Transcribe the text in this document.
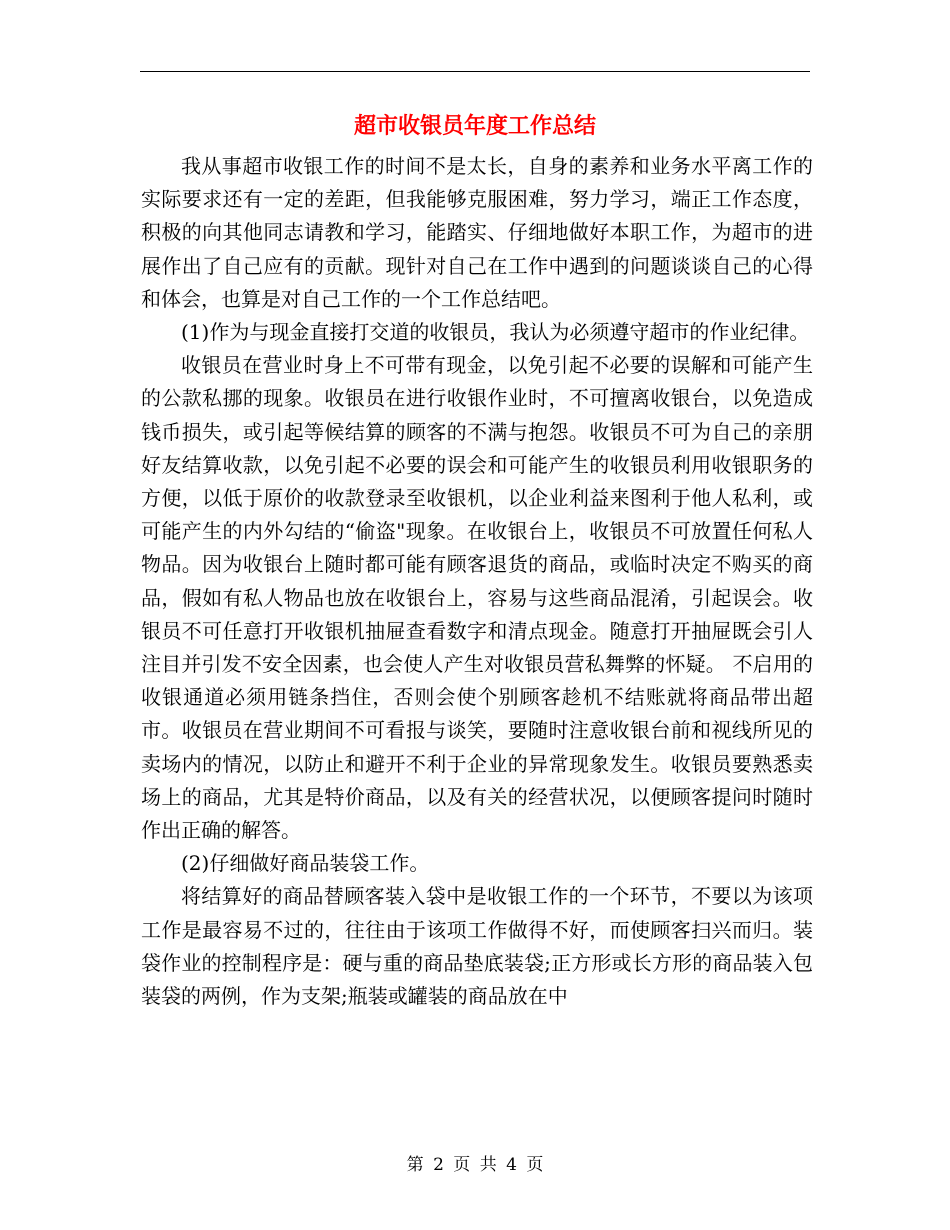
超市收银员年度工作总结

我从事超市收银工作的时间不是太长，自身的素养和业务水平离工作的实际要求还有一定的差距，但我能够克服困难，努力学习，端正工作态度，积极的向其他同志请教和学习，能踏实、仔细地做好本职工作，为超市的进展作出了自己应有的贡献。现针对自己在工作中遇到的问题谈谈自己的心得和体会，也算是对自己工作的一个工作总结吧。

(1)作为与现金直接打交道的收银员，我认为必须遵守超市的作业纪律。

收银员在营业时身上不可带有现金，以免引起不必要的误解和可能产生的公款私挪的现象。收银员在进行收银作业时，不可擅离收银台，以免造成钱币损失，或引起等候结算的顾客的不满与抱怨。收银员不可为自己的亲朋好友结算收款，以免引起不必要的误会和可能产生的收银员利用收银职务的方便，以低于原价的收款登录至收银机，以企业利益来图利于他人私利，或可能产生的内外勾结的“偷盗"现象。在收银台上，收银员不可放置任何私人物品。因为收银台上随时都可能有顾客退货的商品，或临时决定不购买的商品，假如有私人物品也放在收银台上，容易与这些商品混淆，引起误会。收银员不可任意打开收银机抽屉查看数字和清点现金。随意打开抽屉既会引人注目并引发不安全因素，也会使人产生对收银员营私舞弊的怀疑。 不启用的收银通道必须用链条挡住，否则会使个别顾客趁机不结账就将商品带出超市。收银员在营业期间不可看报与谈笑，要随时注意收银台前和视线所见的卖场内的情况，以防止和避开不利于企业的异常现象发生。收银员要熟悉卖场上的商品，尤其是特价商品，以及有关的经营状况，以便顾客提问时随时作出正确的解答。

(2)仔细做好商品装袋工作。

将结算好的商品替顾客装入袋中是收银工作的一个环节，不要以为该项工作是最容易不过的，往往由于该项工作做得不好，而使顾客扫兴而归。装袋作业的控制程序是：硬与重的商品垫底装袋;正方形或长方形的商品装入包装袋的两例，作为支架;瓶装或罐装的商品放在中

第 2 页 共 4 页
